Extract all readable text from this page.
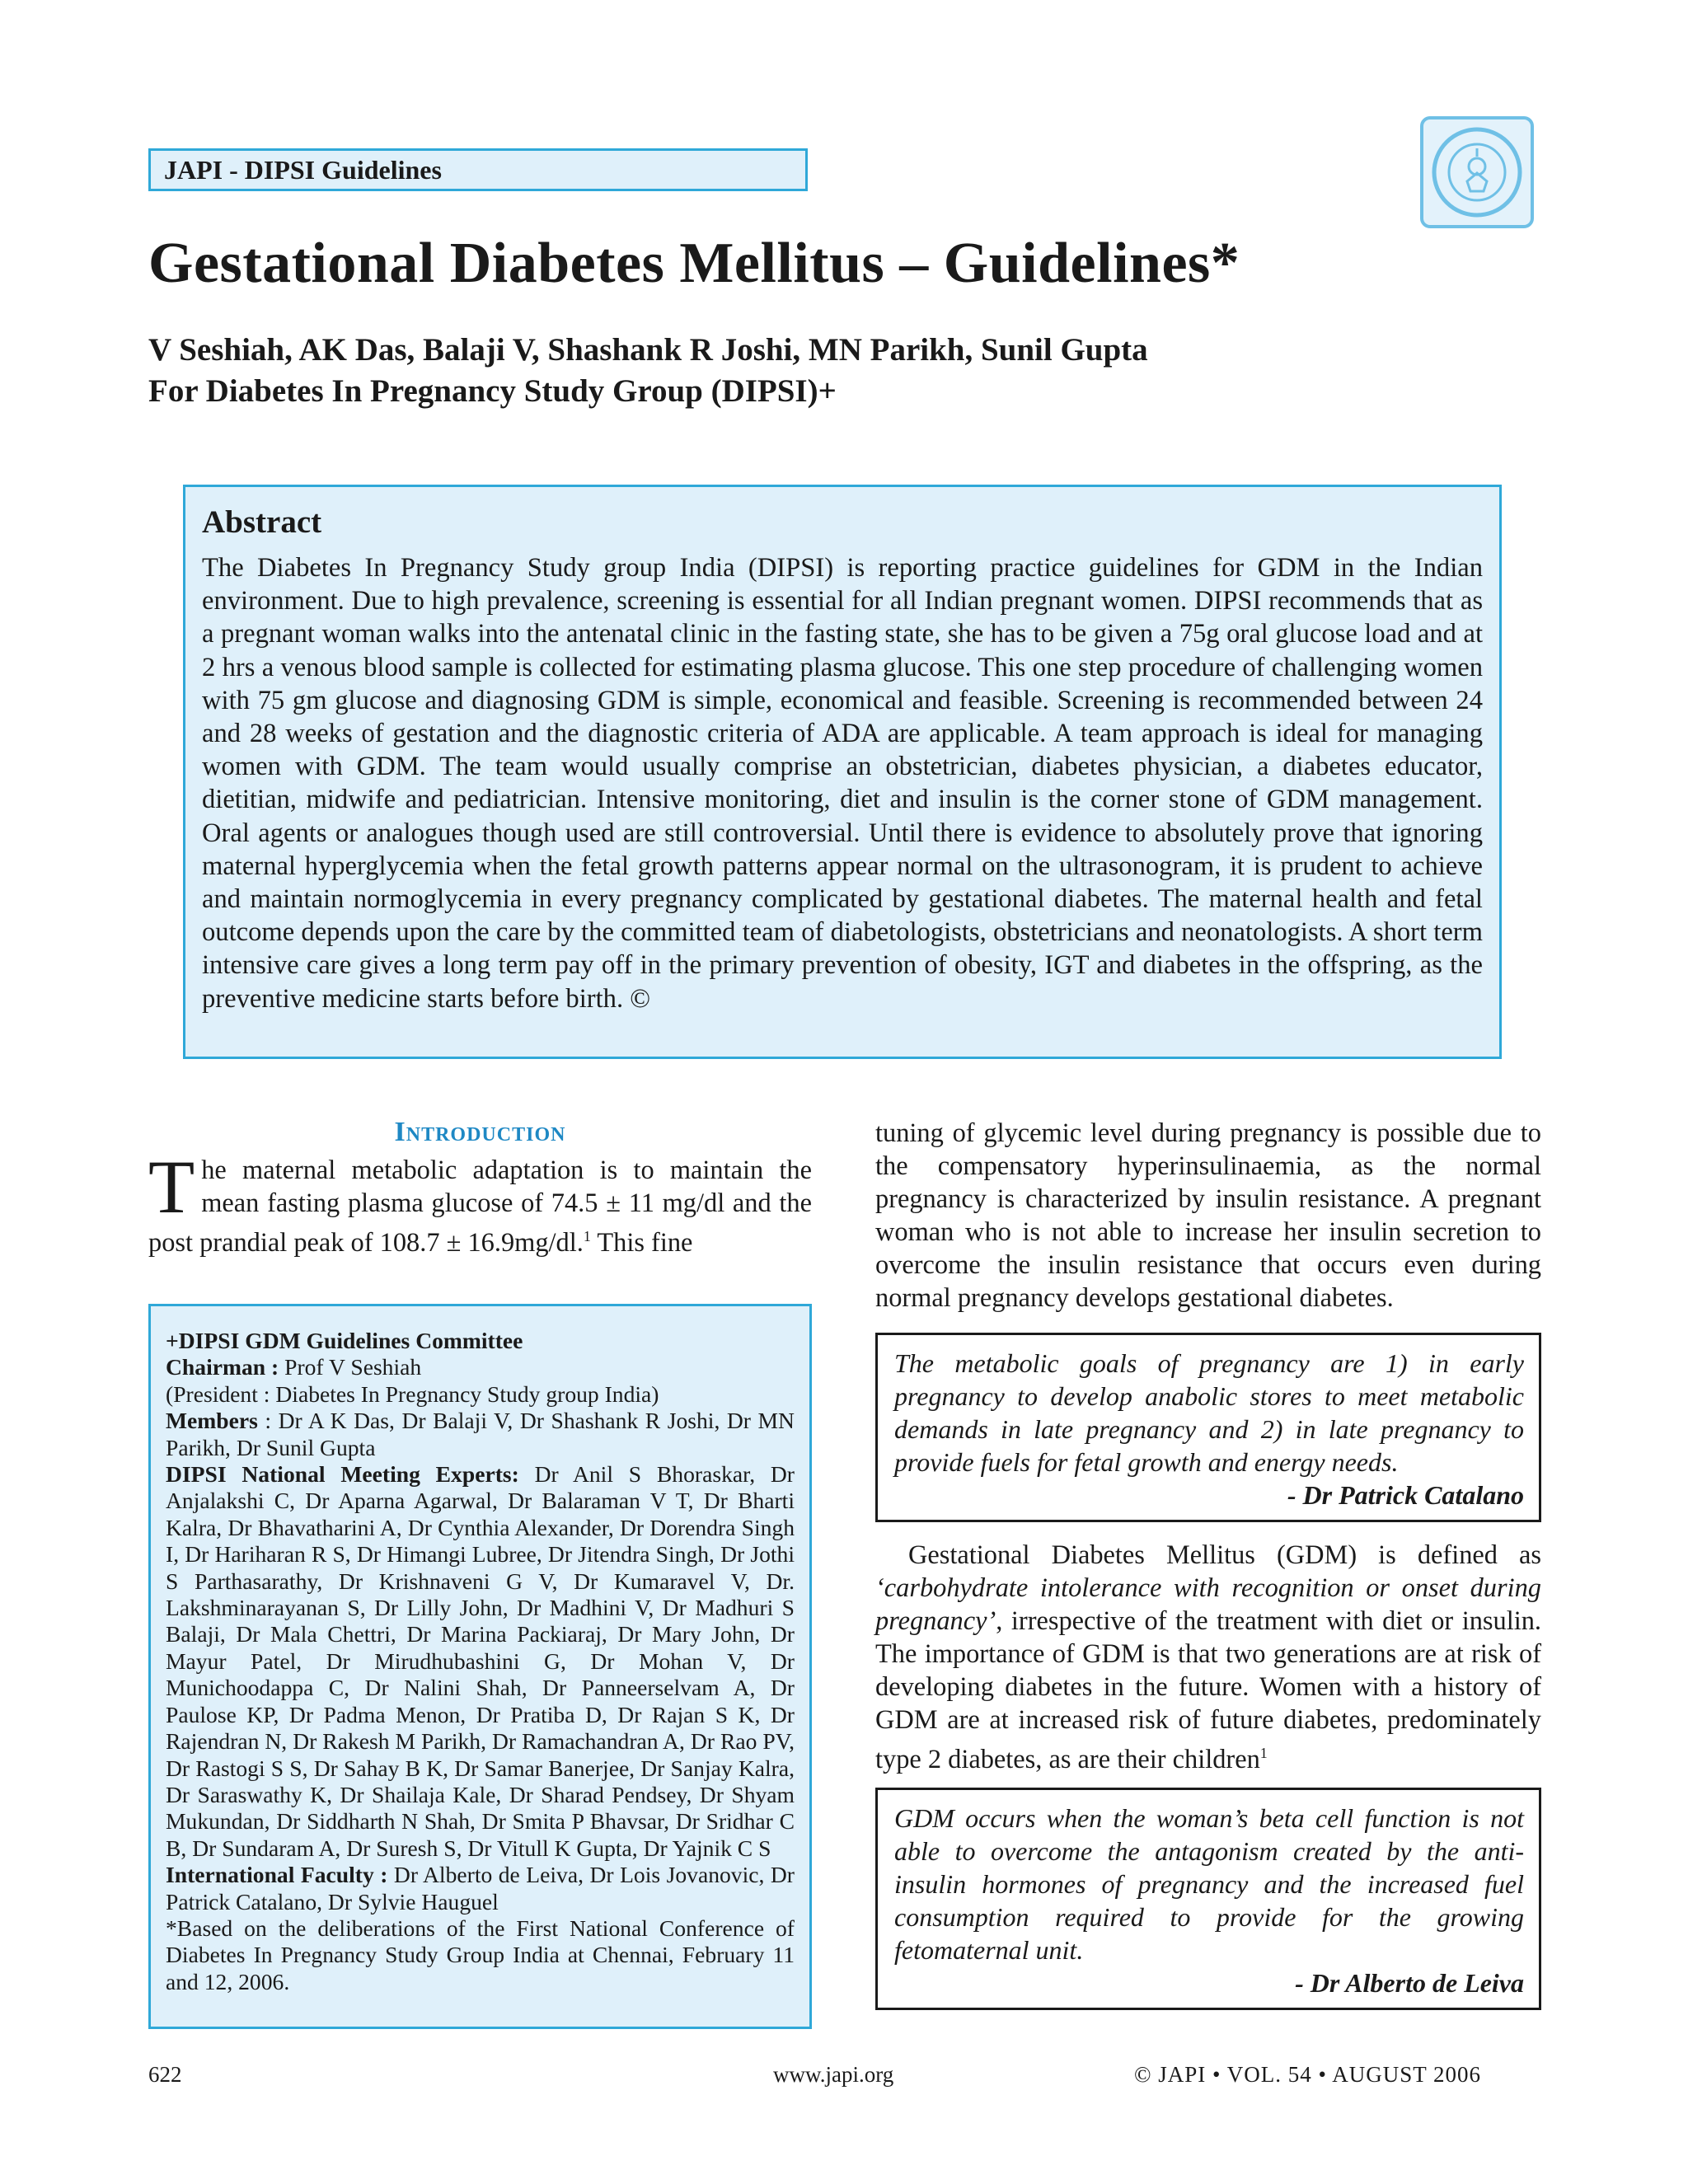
JAPI - DIPSI Guidelines
Gestational Diabetes Mellitus – Guidelines*
V Seshiah, AK Das, Balaji V, Shashank R Joshi, MN Parikh, Sunil Gupta
For Diabetes In Pregnancy Study Group (DIPSI)+
Abstract

The Diabetes In Pregnancy Study group India (DIPSI) is reporting practice guidelines for GDM in the Indian environment. Due to high prevalence, screening is essential for all Indian pregnant women. DIPSI recommends that as a pregnant woman walks into the antenatal clinic in the fasting state, she has to be given a 75g oral glucose load and at 2 hrs a venous blood sample is collected for estimating plasma glucose. This one step procedure of challenging women with 75 gm glucose and diagnosing GDM is simple, economical and feasible. Screening is recommended between 24 and 28 weeks of gestation and the diagnostic criteria of ADA are applicable. A team approach is ideal for managing women with GDM. The team would usually comprise an obstetrician, diabetes physician, a diabetes educator, dietitian, midwife and pediatrician. Intensive monitoring, diet and insulin is the corner stone of GDM management. Oral agents or analogues though used are still controversial. Until there is evidence to absolutely prove that ignoring maternal hyperglycemia when the fetal growth patterns appear normal on the ultrasonogram, it is prudent to achieve and maintain normoglycemia in every pregnancy complicated by gestational diabetes. The maternal health and fetal outcome depends upon the care by the committed team of diabetologists, obstetricians and neonatologists. A short term intensive care gives a long term pay off in the primary prevention of obesity, IGT and diabetes in the offspring, as the preventive medicine starts before birth. ©

Introduction

The maternal metabolic adaptation is to maintain the mean fasting plasma glucose of 74.5 ± 11 mg/dl and the post prandial peak of 108.7 ± 16.9mg/dl.$^1$ This fine

+DIPSI GDM Guidelines Committee

Chairman : Prof V Seshiah

(President : Diabetes In Pregnancy Study group India)

Members : Dr A K Das, Dr Balaji V, Dr Shashank R Joshi, Dr MN Parikh, Dr Sunil Gupta

DIPSI National Meeting Experts: Dr Anil S Bhoraskar, Dr Anjalakshi C, Dr Aparna Agarwal, Dr Balaraman V T, Dr Bharti Kalra, Dr Bhavatharini A, Dr Cynthia Alexander, Dr Dorendra Singh I, Dr Hariharan R S, Dr Himangi Lubree, Dr Jitendra Singh, Dr Jothi S Parthasarathy, Dr Krishnaveni G V, Dr Kumaravel V, Dr. Lakshminarayanan S, Dr Lilly John, Dr Madhini V, Dr Madhuri S Balaji, Dr Mala Chettri, Dr Marina Packiaraj, Dr Mary John, Dr Mayur Patel, Dr Mirudhubashini G, Dr Mohan V, Dr Munichoodappa C, Dr Nalini Shah, Dr Panneerselvam A, Dr Paulose KP, Dr Padma Menon, Dr Pratiba D, Dr Rajan S K, Dr Rajendran N, Dr Rakesh M Parikh, Dr Ramachandran A, Dr Rao PV, Dr Rastogi S S, Dr Sahay B K, Dr Samar Banerjee, Dr Sanjay Kalra, Dr Saraswathy K, Dr Shailaja Kale, Dr Sharad Pendsey, Dr Shyam Mukundan, Dr Siddharth N Shah, Dr Smita P Bhavsar, Dr Sridhar C B, Dr Sundaram A, Dr Suresh S, Dr Vitull K Gupta, Dr Yajnik C S

International Faculty : Dr Alberto de Leiva, Dr Lois Jovanovic, Dr Patrick Catalano, Dr Sylvie Hauguel

*Based on the deliberations of the First National Conference of Diabetes In Pregnancy Study Group India at Chennai, February 11 and 12, 2006.

tuning of glycemic level during pregnancy is possible due to the compensatory hyperinsulinaemia, as the normal pregnancy is characterized by insulin resistance. A pregnant woman who is not able to increase her insulin secretion to overcome the insulin resistance that occurs even during normal pregnancy develops gestational diabetes.

The metabolic goals of pregnancy are 1) in early pregnancy to develop anabolic stores to meet metabolic demands in late pregnancy and 2) in late pregnancy to provide fuels for fetal growth and energy needs.

- Dr Patrick Catalano

Gestational Diabetes Mellitus (GDM) is defined as ‘carbohydrate intolerance with recognition or onset during pregnancy’, irrespective of the treatment with diet or insulin. The importance of GDM is that two generations are at risk of developing diabetes in the future. Women with a history of GDM are at increased risk of future diabetes, predominately type 2 diabetes, as are their children$^1$

GDM occurs when the woman’s beta cell function is not able to overcome the antagonism created by the anti-insulin hormones of pregnancy and the increased fuel consumption required to provide for the growing fetomaternal unit.

- Dr Alberto de Leiva
622	www.japi.org	© JAPI • VOL. 54 • AUGUST 2006
